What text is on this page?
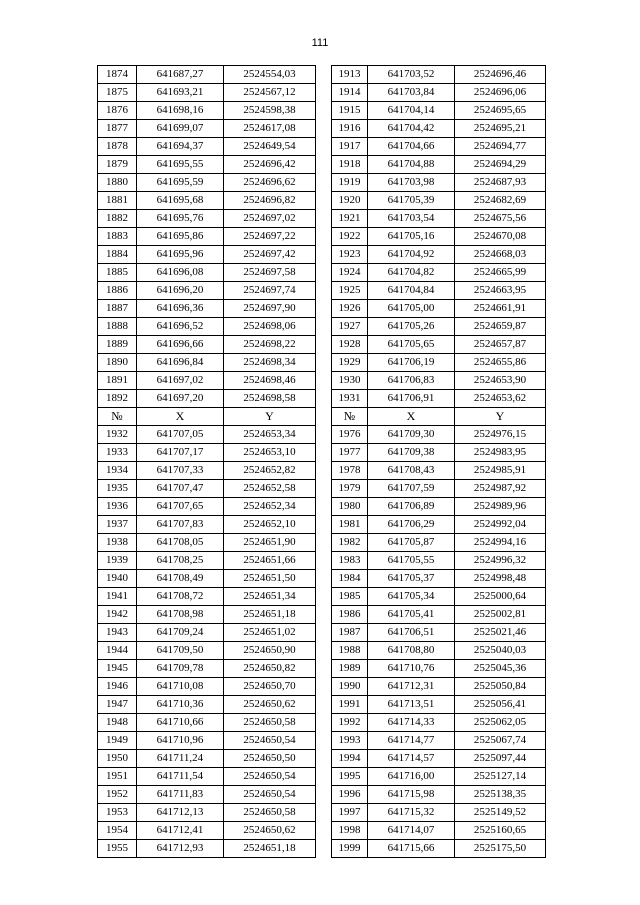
111
1874	641687,27	2524554,03		1913	641703,52	2524696,46
1875	641693,21	2524567,12		1914	641703,84	2524696,06
1876	641698,16	2524598,38		1915	641704,14	2524695,65
1877	641699,07	2524617,08		1916	641704,42	2524695,21
1878	641694,37	2524649,54		1917	641704,66	2524694,77
1879	641695,55	2524696,42		1918	641704,88	2524694,29
1880	641695,59	2524696,62		1919	641703,98	2524687,93
1881	641695,68	2524696,82		1920	641705,39	2524682,69
1882	641695,76	2524697,02		1921	641703,54	2524675,56
1883	641695,86	2524697,22		1922	641705,16	2524670,08
1884	641695,96	2524697,42		1923	641704,92	2524668,03
1885	641696,08	2524697,58		1924	641704,82	2524665,99
1886	641696,20	2524697,74		1925	641704,84	2524663,95
1887	641696,36	2524697,90		1926	641705,00	2524661,91
1888	641696,52	2524698,06		1927	641705,26	2524659,87
1889	641696,66	2524698,22		1928	641705,65	2524657,87
1890	641696,84	2524698,34		1929	641706,19	2524655,86
1891	641697,02	2524698,46		1930	641706,83	2524653,90
1892	641697,20	2524698,58		1931	641706,91	2524653,62
№	X	Y		№	X	Y
1932	641707,05	2524653,34		1976	641709,30	2524976,15
1933	641707,17	2524653,10		1977	641709,38	2524983,95
1934	641707,33	2524652,82		1978	641708,43	2524985,91
1935	641707,47	2524652,58		1979	641707,59	2524987,92
1936	641707,65	2524652,34		1980	641706,89	2524989,96
1937	641707,83	2524652,10		1981	641706,29	2524992,04
1938	641708,05	2524651,90		1982	641705,87	2524994,16
1939	641708,25	2524651,66		1983	641705,55	2524996,32
1940	641708,49	2524651,50		1984	641705,37	2524998,48
1941	641708,72	2524651,34		1985	641705,34	2525000,64
1942	641708,98	2524651,18		1986	641705,41	2525002,81
1943	641709,24	2524651,02		1987	641706,51	2525021,46
1944	641709,50	2524650,90		1988	641708,80	2525040,03
1945	641709,78	2524650,82		1989	641710,76	2525045,36
1946	641710,08	2524650,70		1990	641712,31	2525050,84
1947	641710,36	2524650,62		1991	641713,51	2525056,41
1948	641710,66	2524650,58		1992	641714,33	2525062,05
1949	641710,96	2524650,54		1993	641714,77	2525067,74
1950	641711,24	2524650,50		1994	641714,57	2525097,44
1951	641711,54	2524650,54		1995	641716,00	2525127,14
1952	641711,83	2524650,54		1996	641715,98	2525138,35
1953	641712,13	2524650,58		1997	641715,32	2525149,52
1954	641712,41	2524650,62		1998	641714,07	2525160,65
1955	641712,93	2524651,18		1999	641715,66	2525175,50
